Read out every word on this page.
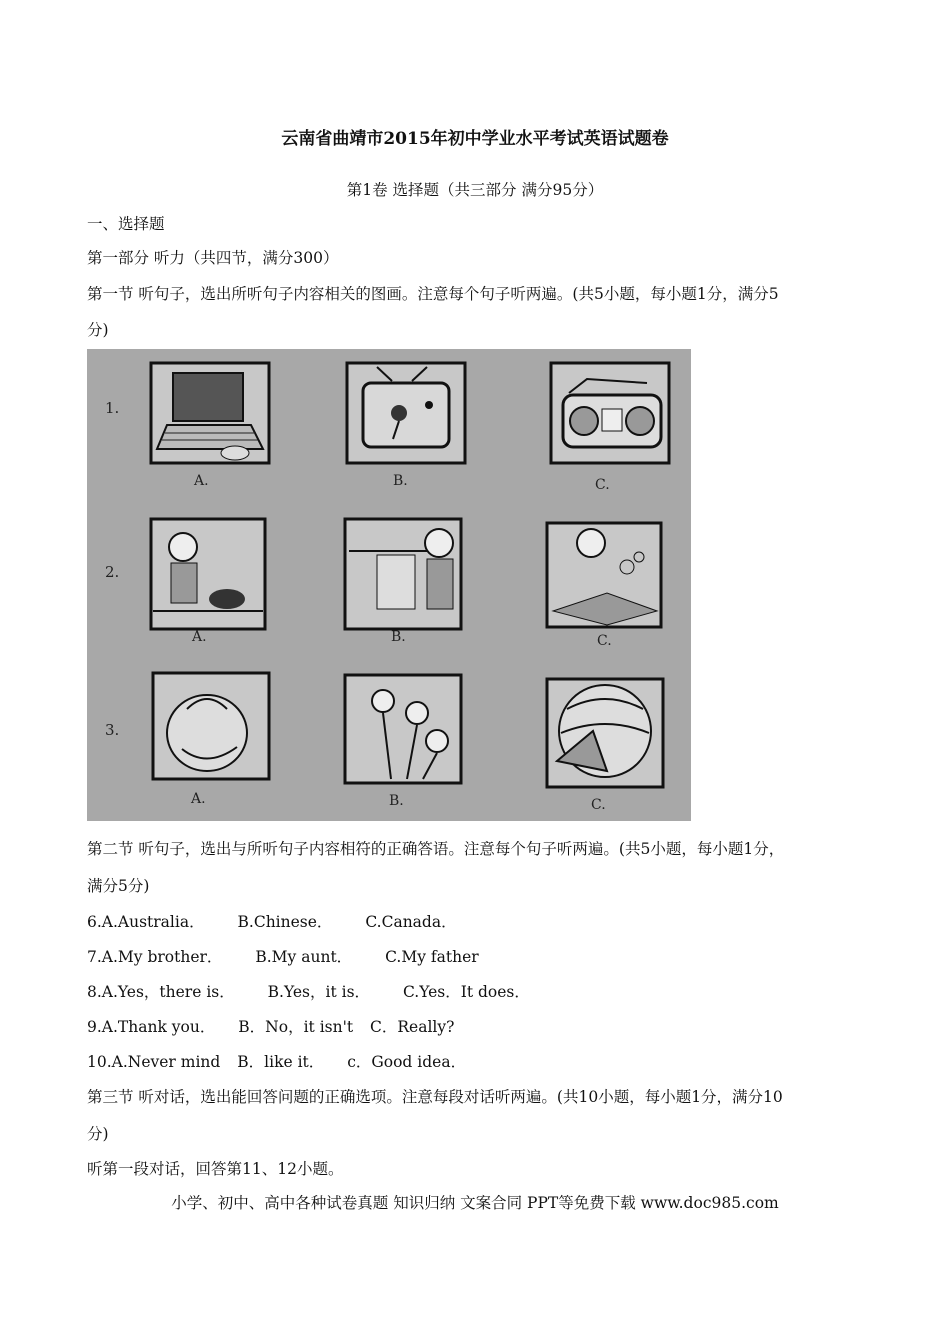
云南省曲靖市2015年初中学业水平考试英语试题卷
第1卷 选择题（共三部分 满分95分）
一、选择题
第一部分 听力（共四节，满分300）
第一节 听句子，选出所听句子内容相关的图画。注意每个句子听两遍。(共5小题，每小题1分，满分5
分)
1.
2.
3.
A.	B.	C.
A.	B.	C.
A.	B.	C.
第二节 听句子，选出与所听句子内容相符的正确答语。注意每个句子听两遍。(共5小题，每小题1分，
满分5分)
6.A.Australia． B.Chinese． C.Canada．
7.A.My brother． B.My aunt． C.My father
8.A.Yes，there is． B.Yes，it is． C.Yes．It does．
9.A.Thank you． B．No，it isn't C．Really?
10.A.Never mind B．like it． c．Good idea．
第三节 听对话，选出能回答问题的正确选项。注意每段对话听两遍。(共10小题，每小题1分，满分10
分)
听第一段对话，回答第11、12小题。
小学、初中、高中各种试卷真题 知识归纳 文案合同 PPT等免费下载 www.doc985.com
